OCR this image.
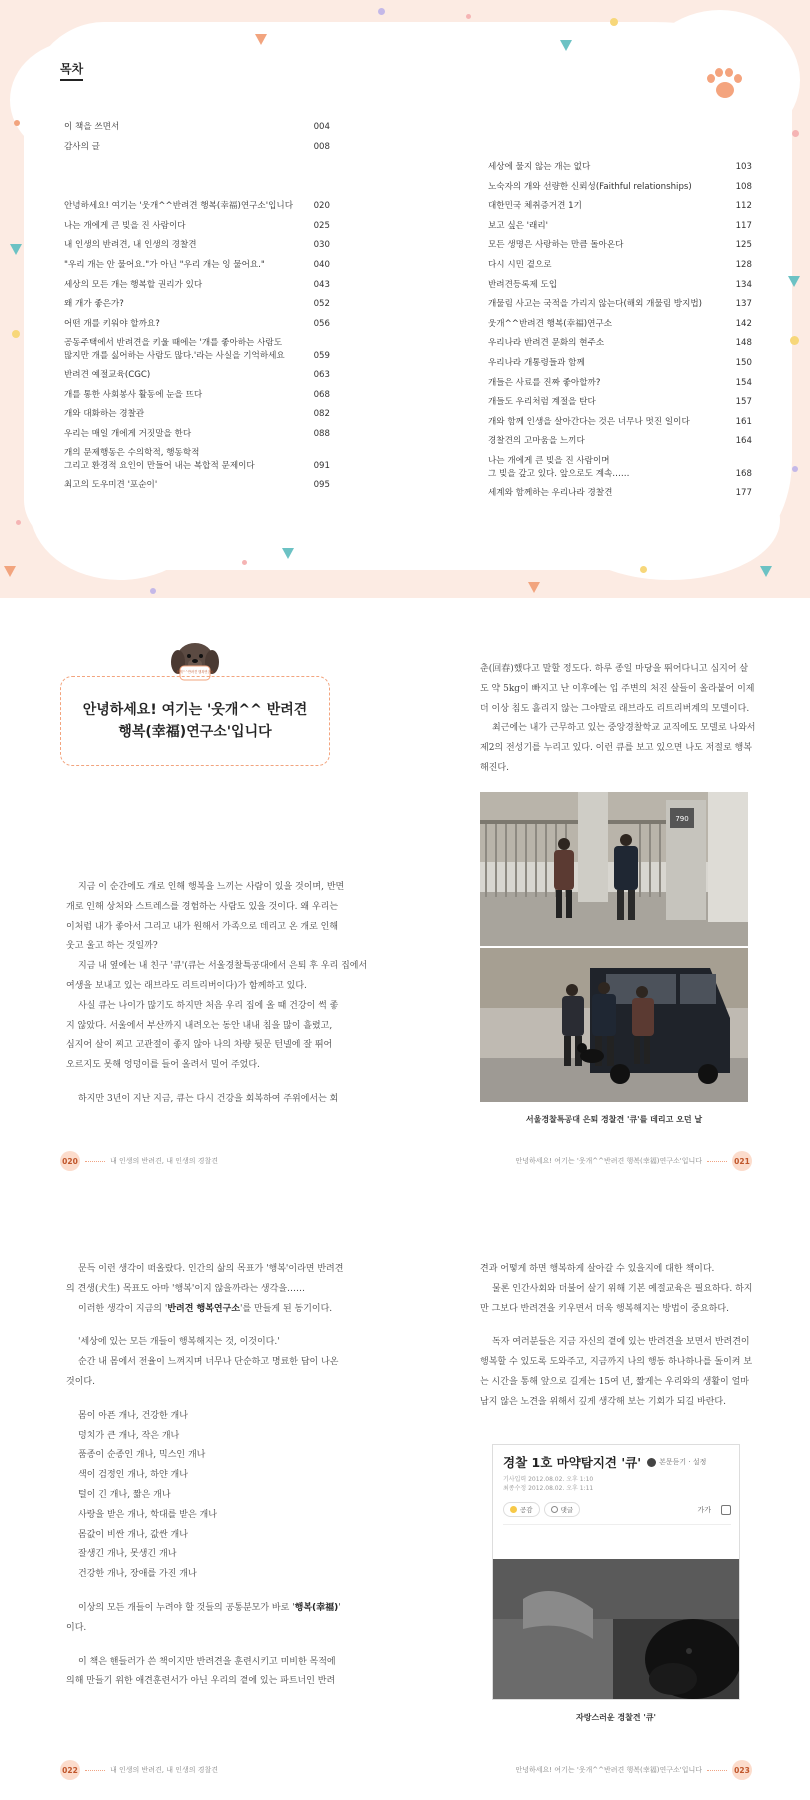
목차
이 책을 쓰면서	004
감사의 글	008
안녕하세요! 여기는 '웃개^^반려견 행복(幸福)연구소'입니다 020
나는 개에게 큰 빚을 진 사람이다	025
내 인생의 반려견, 내 인생의 경찰견	030
"우리 개는 안 물어요."가 아닌 "우리 개는 잉 물어요."	040
세상의 모든 개는 행복할 권리가 있다	043
왜 개가 좋은가?	052
어떤 개를 키워야 할까요?	056
공동주택에서 반려견을 키울 때에는 '개를 좋아하는 사람도
많지만 개를 싫어하는 사람도 많다.'라는 사실을 기억하세요	059
반려견 예절교육(CGC)	063
개를 통한 사회봉사 활동에 눈을 뜨다	068
개와 대화하는 경찰관	082
우리는 매일 개에게 거짓말을 한다	088
개의 문제행동은 수의학적, 행동학적
그리고 환경적 요인이 만들어 내는 복합적 문제이다	091
최고의 도우미견 '포순이'	095
세상에 물지 않는 개는 없다	103
노숙자의 개와 선량한 신뢰성(Faithful relationships)	108
대한민국 체취증거견 1기	112
보고 싶은 '래리'	117
모든 생명은 사랑하는 만큼 돌아온다	125
다시 시민 곁으로	128
반려견등록제 도입	134
개물림 사고는 국적을 가리지 않는다(해외 개물림 방지법)	137
웃개^^반려견 행복(幸福)연구소	142
우리나라 반려견 문화의 현주소	148
우리나라 개통령들과 함께	150
개들은 사료를 진짜 좋아할까?	154
개들도 우리처럼 계절을 탄다	157
개와 함께 인생을 살아간다는 것은 너무나 멋진 일이다	161
경찰견의 고마움을 느끼다	164
나는 개에게 큰 빚을 진 사람이며
그 빚을 갚고 있다. 앞으로도 계속……	168
세계와 함께하는 우리나라 경찰견	177
웃개^^반려견 행복연구소
안녕하세요! 여기는 '웃개^^ 반려견
행복(幸福)연구소'입니다

지금 이 순간에도 개로 인해 행복을 느끼는 사람이 있을 것이며, 반면

개로 인해 상처와 스트레스를 경험하는 사람도 있을 것이다. 왜 우리는

이처럼 내가 좋아서 그리고 내가 원해서 가족으로 데리고 온 개로 인해

웃고 울고 하는 것일까?

지금 내 옆에는 내 친구 '큐'(큐는 서울경찰특공대에서 은퇴 후 우리 집에서

여생을 보내고 있는 래브라도 리트리버이다)가 함께하고 있다.

사실 큐는 나이가 많기도 하지만 처음 우리 집에 올 때 건강이 썩 좋

지 않았다. 서울에서 부산까지 내려오는 동안 내내 침을 많이 흘렸고,

심지어 살이 찌고 고관절이 좋지 않아 나의 차량 뒷문 턴넬에 잘 뛰어

오르지도 못해 엉덩이를 들어 올려서 밀어 주었다.

하지만 3년이 지난 지금, 큐는 다시 건강을 회복하여 주위에서는 회

춘(回春)했다고 말할 정도다. 하루 종일 마당을 뛰어다니고 심지어 살

도 약 5kg이 빠지고 난 이후에는 입 주변의 처진 살들이 올라붙어 이제

더 이상 침도 흘리지 않는 그야말로 래브라도 리트리버계의 모델이다.

최근에는 내가 근무하고 있는 중앙경찰학교 교직에도 모델로 나와서

제2의 전성기를 누리고 있다. 이런 큐를 보고 있으면 나도 저절로 행복

해진다.

790
서울경찰특공대 은퇴 경찰견 '큐'를 데리고 오던 날
020	내 인생의 반려견, 내 인생의 경찰견	안녕하세요! 여기는 '웃개^^반려견 행복(幸福)연구소'입니다	021

문득 이런 생각이 떠올랐다. 인간의 삶의 목표가 '행복'이라면 반려견

의 견생(犬生) 목표도 아마 '행복'이지 않을까라는 생각을……

이러한 생각이 지금의 '반려견 행복연구소'를 만들게 된 동기이다.

'세상에 있는 모든 개들이 행복해지는 것, 이것이다.'

순간 내 몸에서 전율이 느껴지며 너무나 단순하고 명료한 답이 나온

것이다.

몸이 아픈 개나, 건강한 개나

덩치가 큰 개나, 작은 개나

품종이 순종인 개나, 믹스인 개나

색이 검정인 개나, 하얀 개나

털이 긴 개나, 짧은 개나

사랑을 받은 개나, 학대를 받은 개나

몸값이 비싼 개나, 값싼 개나

잘생긴 개나, 못생긴 개나

건강한 개나, 장애를 가진 개나

이상의 모든 개들이 누려야 할 것들의 공통분모가 바로 '행복(幸福)'

이다.

이 책은 핸들러가 쓴 책이지만 반려견을 훈련시키고 미비한 목적에

의해 만들기 위한 애견훈련서가 아닌 우리의 곁에 있는 파트너인 반려

견과 어떻게 하면 행복하게 살아갈 수 있을지에 대한 책이다.

물론 인간사회와 더불어 살기 위해 기본 예절교육은 필요하다. 하지

만 그보다 반려견을 키우면서 더욱 행복해지는 방법이 중요하다.

독자 여러분들은 지금 자신의 곁에 있는 반려견을 보면서 반려견이

행복할 수 있도록 도와주고, 지금까지 나의 행동 하나하나를 돌이켜 보

는 시간을 통해 앞으로 길게는 15여 년, 짧게는 우리와의 생활이 얼마

남지 않은 노견을 위해서 깊게 생각해 보는 기회가 되길 바란다.

경찰 1호 마약탐지견 '큐'	본문듣기 · 설정
기사입력 2012.08.02. 오후 1:10
최종수정 2012.08.02. 오후 1:11
공감	댓글	가가
자랑스러운 경찰견 '큐'
022	내 인생의 반려견, 내 인생의 경찰견	안녕하세요! 여기는 '웃개^^반려견 행복(幸福)연구소'입니다	023
